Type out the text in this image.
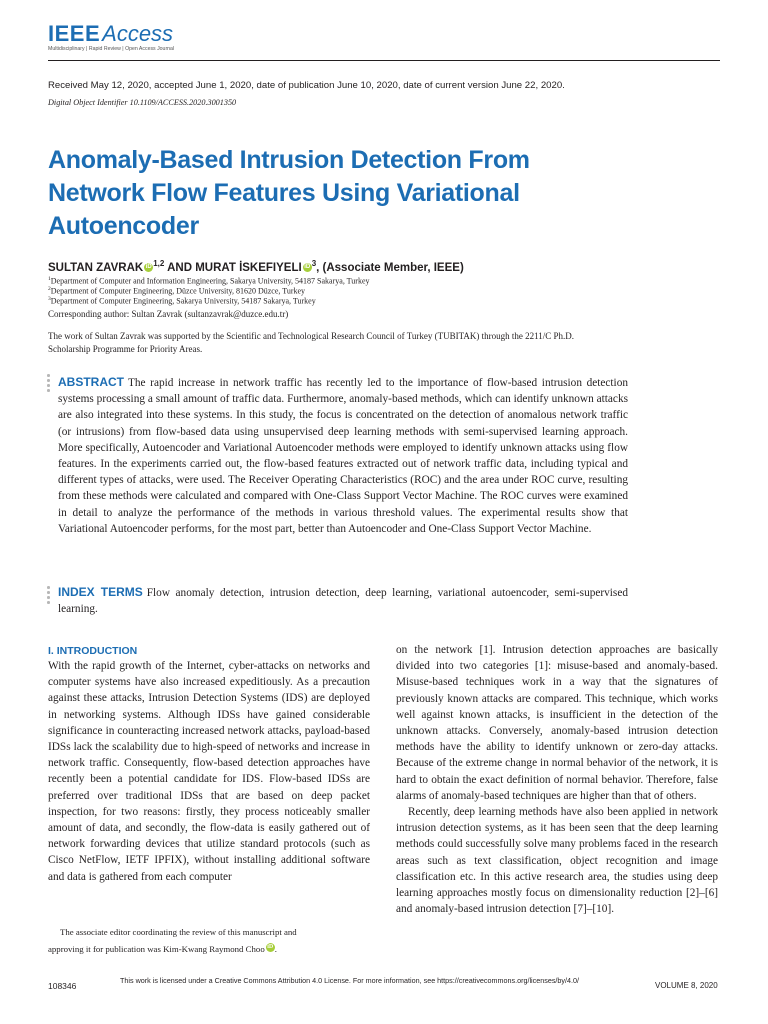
IEEEAccess
Multidisciplinary | Rapid Review | Open Access Journal
Received May 12, 2020, accepted June 1, 2020, date of publication June 10, 2020, date of current version June 22, 2020.
Digital Object Identifier 10.1109/ACCESS.2020.3001350
Anomaly-Based Intrusion Detection From Network Flow Features Using Variational Autoencoder
SULTAN ZAVRAK iD $^{1,2}$ AND MURAT İSKEFIYELI iD $^3$, (Associate Member, IEEE)
$^1$Department of Computer and Information Engineering, Sakarya University, 54187 Sakarya, Turkey
$^2$Department of Computer Engineering, Düzce University, 81620 Düzce, Turkey
$^3$Department of Computer Engineering, Sakarya University, 54187 Sakarya, Turkey
Corresponding author: Sultan Zavrak (sultanzavrak@duzce.edu.tr)
The work of Sultan Zavrak was supported by the Scientific and Technological Research Council of Turkey (TUBITAK) through the 2211/C Ph.D. Scholarship Programme for Priority Areas.
ABSTRACT The rapid increase in network traffic has recently led to the importance of flow-based intrusion detection systems processing a small amount of traffic data. Furthermore, anomaly-based methods, which can identify unknown attacks are also integrated into these systems. In this study, the focus is concentrated on the detection of anomalous network traffic (or intrusions) from flow-based data using unsupervised deep learning methods with semi-supervised learning approach. More specifically, Autoencoder and Variational Autoencoder methods were employed to identify unknown attacks using flow features. In the experiments carried out, the flow-based features extracted out of network traffic data, including typical and different types of attacks, were used. The Receiver Operating Characteristics (ROC) and the area under ROC curve, resulting from these methods were calculated and compared with One-Class Support Vector Machine. The ROC curves were examined in detail to analyze the performance of the methods in various threshold values. The experimental results show that Variational Autoencoder performs, for the most part, better than Autoencoder and One-Class Support Vector Machine.
INDEX TERMS Flow anomaly detection, intrusion detection, deep learning, variational autoencoder, semi-supervised learning.
I. INTRODUCTION

With the rapid growth of the Internet, cyber-attacks on networks and computer systems have also increased expeditiously. As a precaution against these attacks, Intrusion Detection Systems (IDS) are deployed in networking systems. Although IDSs have gained considerable significance in counteracting increased network attacks, payload-based IDSs lack the scalability due to high-speed of networks and increase in network traffic. Consequently, flow-based detection approaches have recently been a potential candidate for IDS. Flow-based IDSs are preferred over traditional IDSs that are based on deep packet inspection, for two reasons: firstly, they process noticeably smaller amount of data, and secondly, the flow-data is easily gathered out of network forwarding devices that utilize standard protocols (such as Cisco NetFlow, IETF IPFIX), without installing additional software and data is gathered from each computer

The associate editor coordinating the review of this manuscript and
approving it for publication was Kim-Kwang Raymond Choo iD .

on the network [1]. Intrusion detection approaches are basically divided into two categories [1]: misuse-based and anomaly-based. Misuse-based techniques work in a way that the signatures of previously known attacks are compared. This technique, which works well against known attacks, is insufficient in the detection of the unknown attacks. Conversely, anomaly-based intrusion detection methods have the ability to identify unknown or zero-day attacks. Because of the extreme change in normal behavior of the network, it is hard to obtain the exact definition of normal behavior. Therefore, false alarms of anomaly-based techniques are higher than that of others.

Recently, deep learning methods have also been applied in network intrusion detection systems, as it has been seen that the deep learning methods could successfully solve many problems faced in the research areas such as text classification, object recognition and image classification etc. In this active research area, the studies using deep learning approaches mostly focus on dimensionality reduction [2]–[6] and anomaly-based intrusion detection [7]–[10].

108346
This work is licensed under a Creative Commons Attribution 4.0 License. For more information, see https://creativecommons.org/licenses/by/4.0/
VOLUME 8, 2020
